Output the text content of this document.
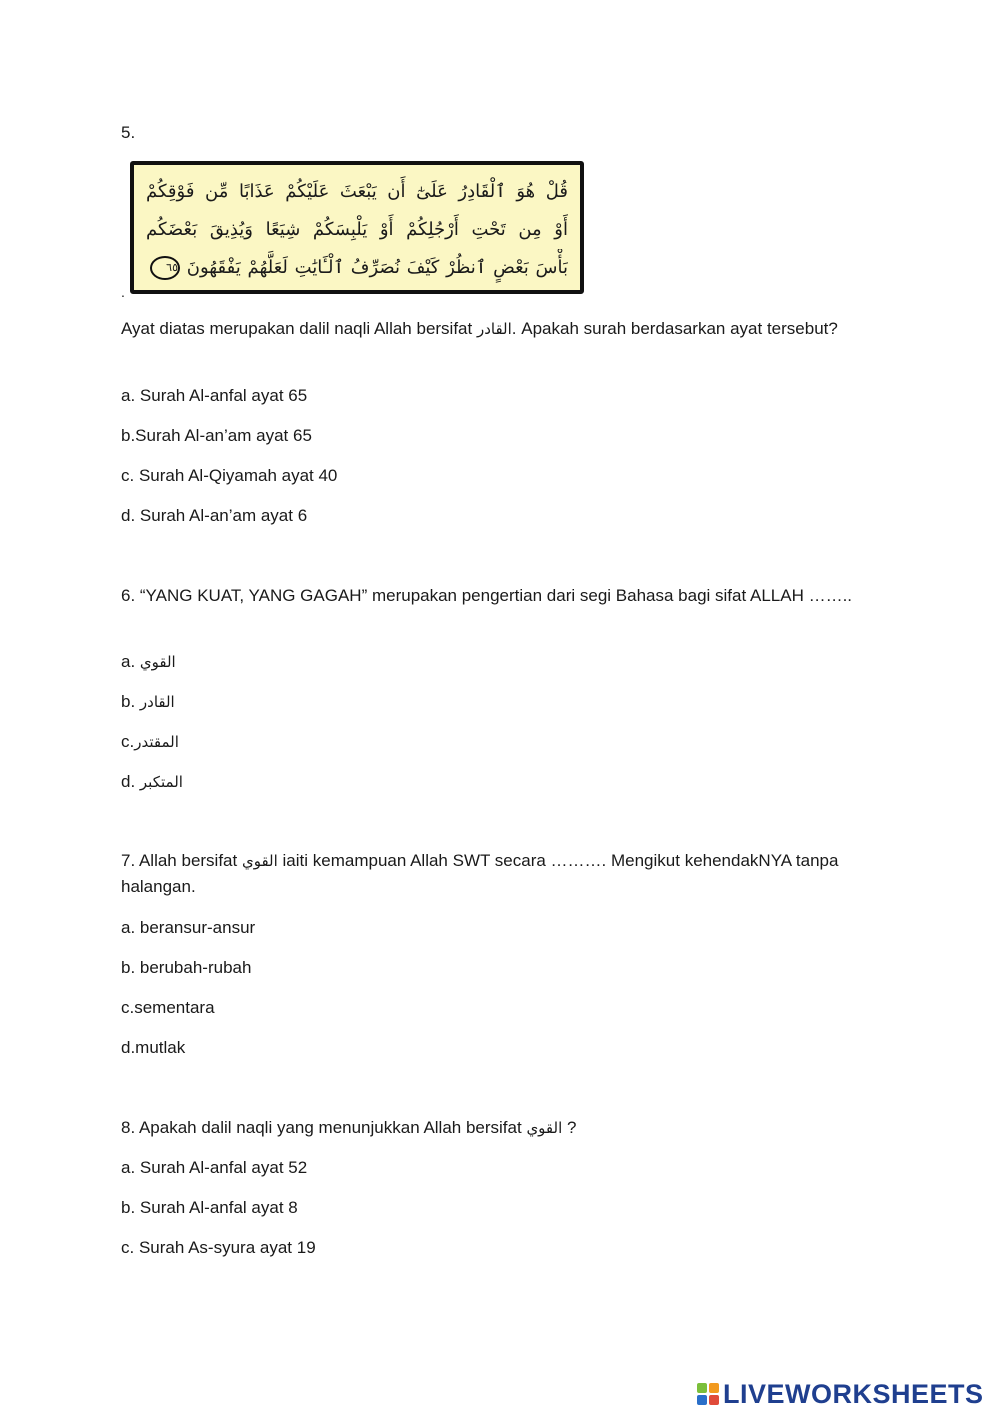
5.
قُلْ هُوَ ٱلْقَادِرُ عَلَىٰٓ أَن يَبْعَثَ عَلَيْكُمْ عَذَابًا مِّن فَوْقِكُمْ
أَوْ مِن تَحْتِ أَرْجُلِكُمْ أَوْ يَلْبِسَكُمْ شِيَعًا وَيُذِيقَ بَعْضَكُم
بَأْسَ بَعْضٍ ٱنظُرْ كَيْفَ نُصَرِّفُ ٱلْـَٔايَٰتِ لَعَلَّهُمْ يَفْقَهُونَ ٦٥
.
Ayat diatas merupakan dalil naqli Allah bersifat القادر. Apakah surah berdasarkan ayat tersebut?
a. Surah Al-anfal ayat 65
b.Surah Al-an’am ayat 65
c. Surah Al-Qiyamah ayat 40
d. Surah Al-an’am ayat 6
6. “YANG KUAT, YANG GAGAH” merupakan pengertian dari segi Bahasa bagi sifat ALLAH ……..
a. القوي
b. القادر
c.المقتدر
d. المتكبر
7. Allah bersifat القوي iaiti kemampuan Allah SWT secara ………. Mengikut kehendakNYA tanpa halangan.
a. beransur-ansur
b. berubah-rubah
c.sementara
d.mutlak
8. Apakah dalil naqli yang menunjukkan Allah bersifat القوي ?
a. Surah Al-anfal ayat 52
b. Surah Al-anfal ayat 8
c. Surah As-syura ayat 19
LIVEWORKSHEETS
